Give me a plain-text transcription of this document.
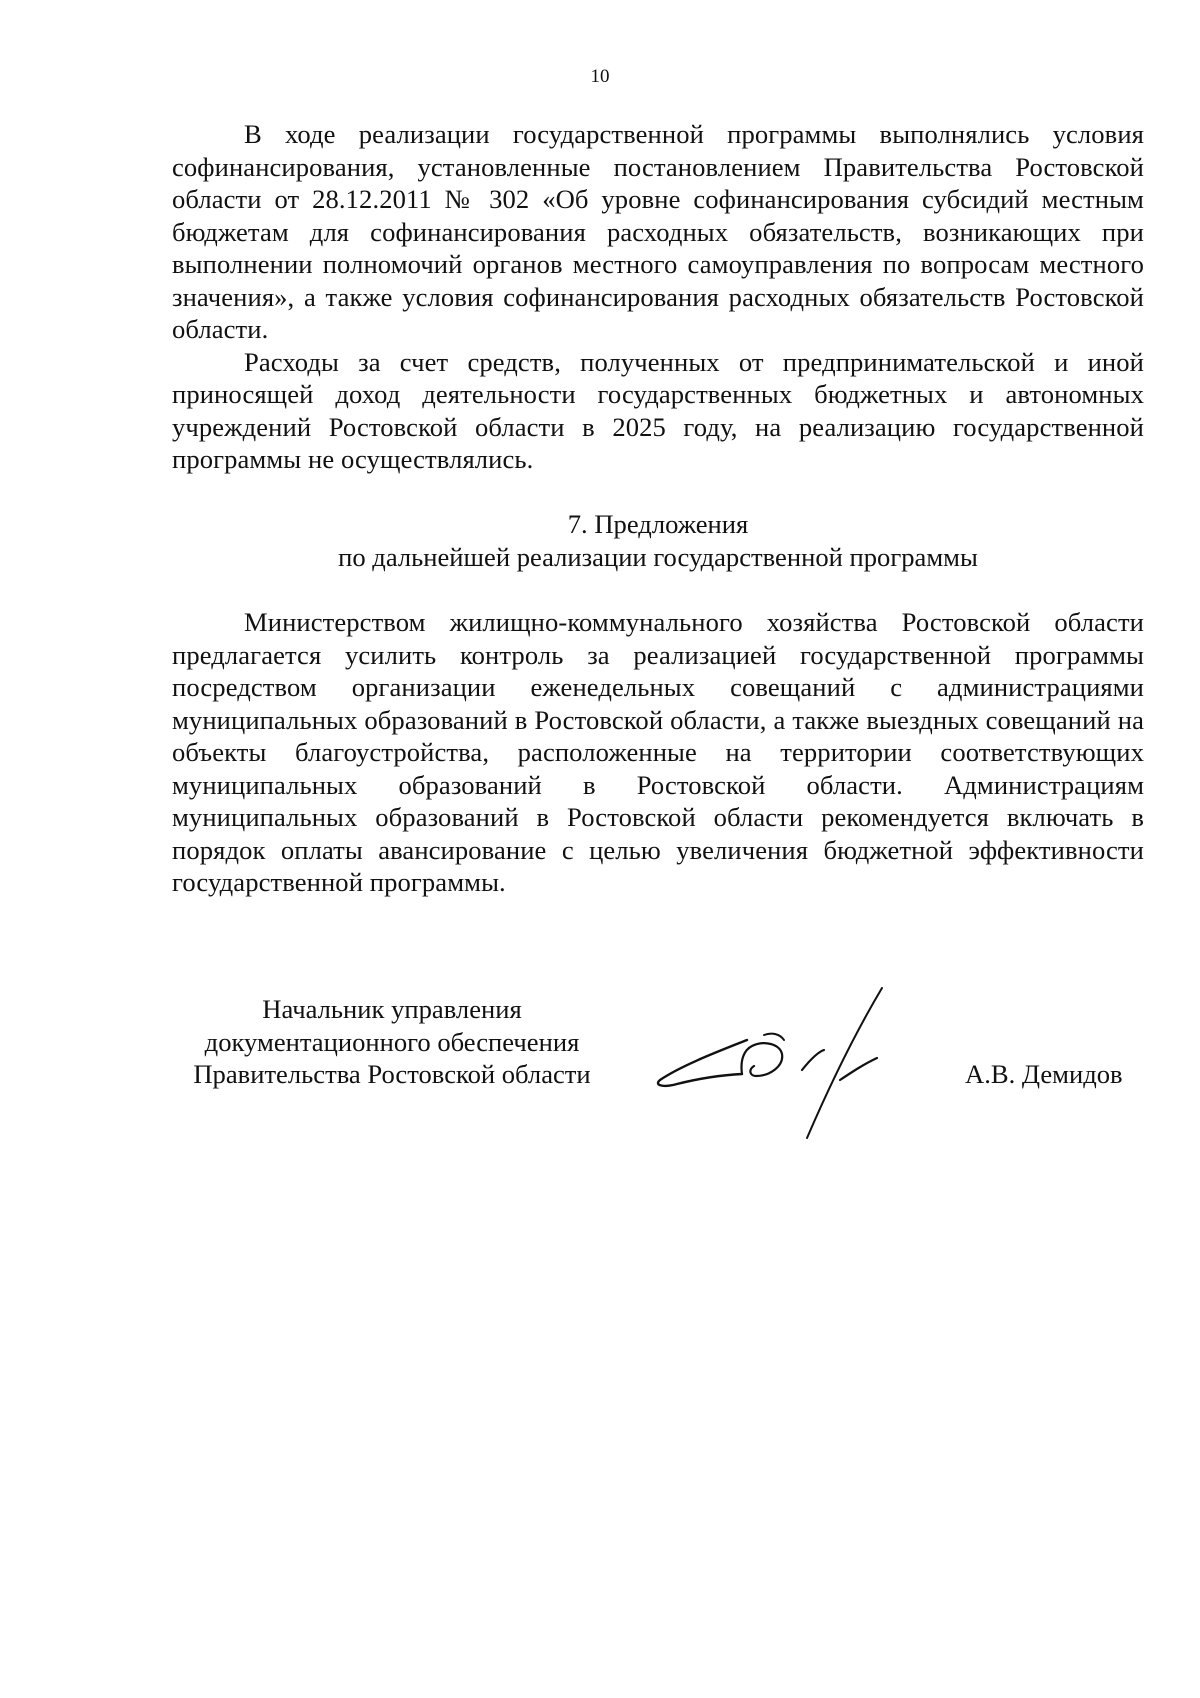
10

В ходе реализации государственной программы выполнялись условия софинансирования, установленные постановлением Правительства Ростовской области от 28.12.2011 № 302 «Об уровне софинансирования субсидий местным бюджетам для софинансирования расходных обязательств, возникающих при выполнении полномочий органов местного самоуправления по вопросам местного значения», а также условия софинансирования расходных обязательств Ростовской области.

Расходы за счет средств, полученных от предпринимательской и иной приносящей доход деятельности государственных бюджетных и автономных учреждений Ростовской области в 2025 году, на реализацию государственной программы не осуществлялись.

7. Предложения
по дальнейшей реализации государственной программы

Министерством жилищно-коммунального хозяйства Ростовской области предлагается усилить контроль за реализацией государственной программы посредством организации еженедельных совещаний с администрациями муниципальных образований в Ростовской области, а также выездных совещаний на объекты благоустройства, расположенные на территории соответствующих муниципальных образований в Ростовской области. Администрациям муниципальных образований в Ростовской области рекомендуется включать в порядок оплаты авансирование с целью увеличения бюджетной эффективности государственной программы.

Начальник управления
документационного обеспечения
Правительства Ростовской области	А.В. Демидов
